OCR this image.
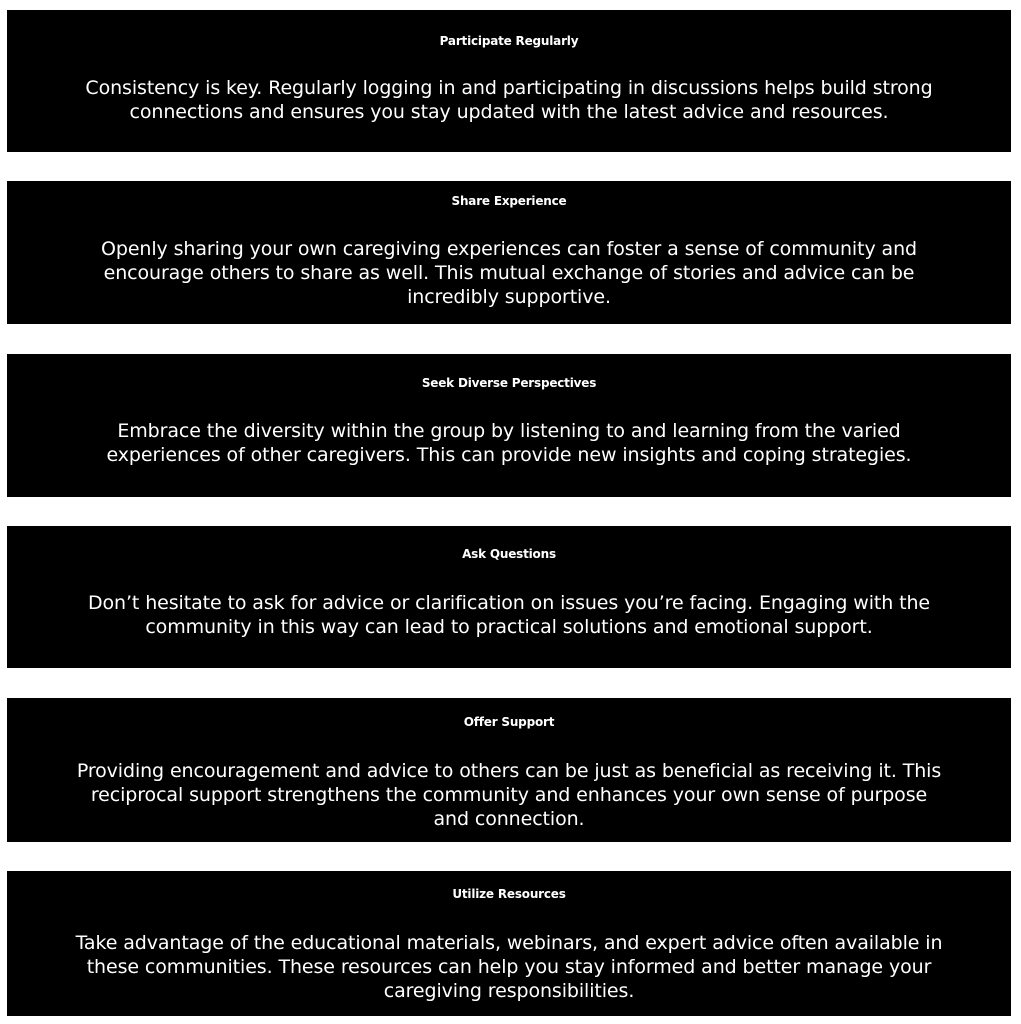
Participate Regularly

Consistency is key. Regularly logging in and participating in discussions helps build strong
connections and ensures you stay updated with the latest advice and resources.

Share Experience

Openly sharing your own caregiving experiences can foster a sense of community and
encourage others to share as well. This mutual exchange of stories and advice can be
incredibly supportive.

Seek Diverse Perspectives

Embrace the diversity within the group by listening to and learning from the varied
experiences of other caregivers. This can provide new insights and coping strategies.

Ask Questions

Don’t hesitate to ask for advice or clarification on issues you’re facing. Engaging with the
community in this way can lead to practical solutions and emotional support.

Offer Support

Providing encouragement and advice to others can be just as beneficial as receiving it. This
reciprocal support strengthens the community and enhances your own sense of purpose
and connection.

Utilize Resources

Take advantage of the educational materials, webinars, and expert advice often available in
these communities. These resources can help you stay informed and better manage your
caregiving responsibilities.
